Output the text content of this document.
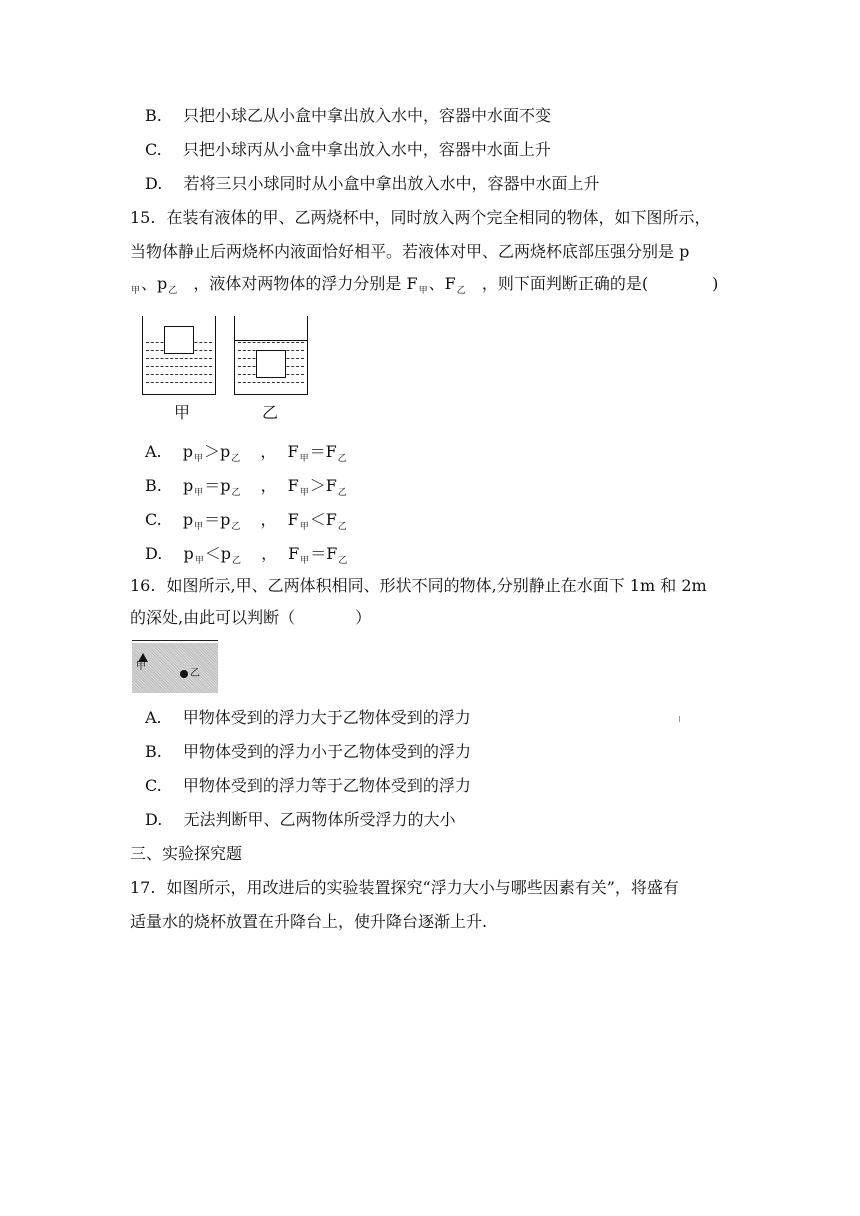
B. 只把小球乙从小盒中拿出放入水中，容器中水面不变
C. 只把小球丙从小盒中拿出放入水中，容器中水面上升
D. 若将三只小球同时从小盒中拿出放入水中，容器中水面上升
15. 在装有液体的甲、乙两烧杯中，同时放入两个完全相同的物体，如下图所示，
当物体静止后两烧杯内液面恰好相平。若液体对甲、乙两烧杯底部压强分别是 p
$_甲$、$p_乙$ ，液体对两物体的浮力分别是 $F_甲$、$F_乙$ ，则下面判断正确的是(	)
甲	乙
A. $p_甲>p_乙$ ， $F_甲=F_乙$
B. $p_甲=p_乙$ ， $F_甲>F_乙$
C. $p_甲=p_乙$ ， $F_甲<F_乙$
D. $p_甲<p_乙$ ， $F_甲=F_乙$
16. 如图所示,甲、乙两体积相同、形状不同的物体,分别静止在水面下 1m 和 2m
的深处,由此可以判断（	）
甲
乙
A. 甲物体受到的浮力大于乙物体受到的浮力
B. 甲物体受到的浮力小于乙物体受到的浮力
C. 甲物体受到的浮力等于乙物体受到的浮力
D. 无法判断甲、乙两物体所受浮力的大小
三、实验探究题
17. 如图所示，用改进后的实验装置探究“浮力大小与哪些因素有关”，将盛有
适量水的烧杯放置在升降台上，使升降台逐渐上升.
